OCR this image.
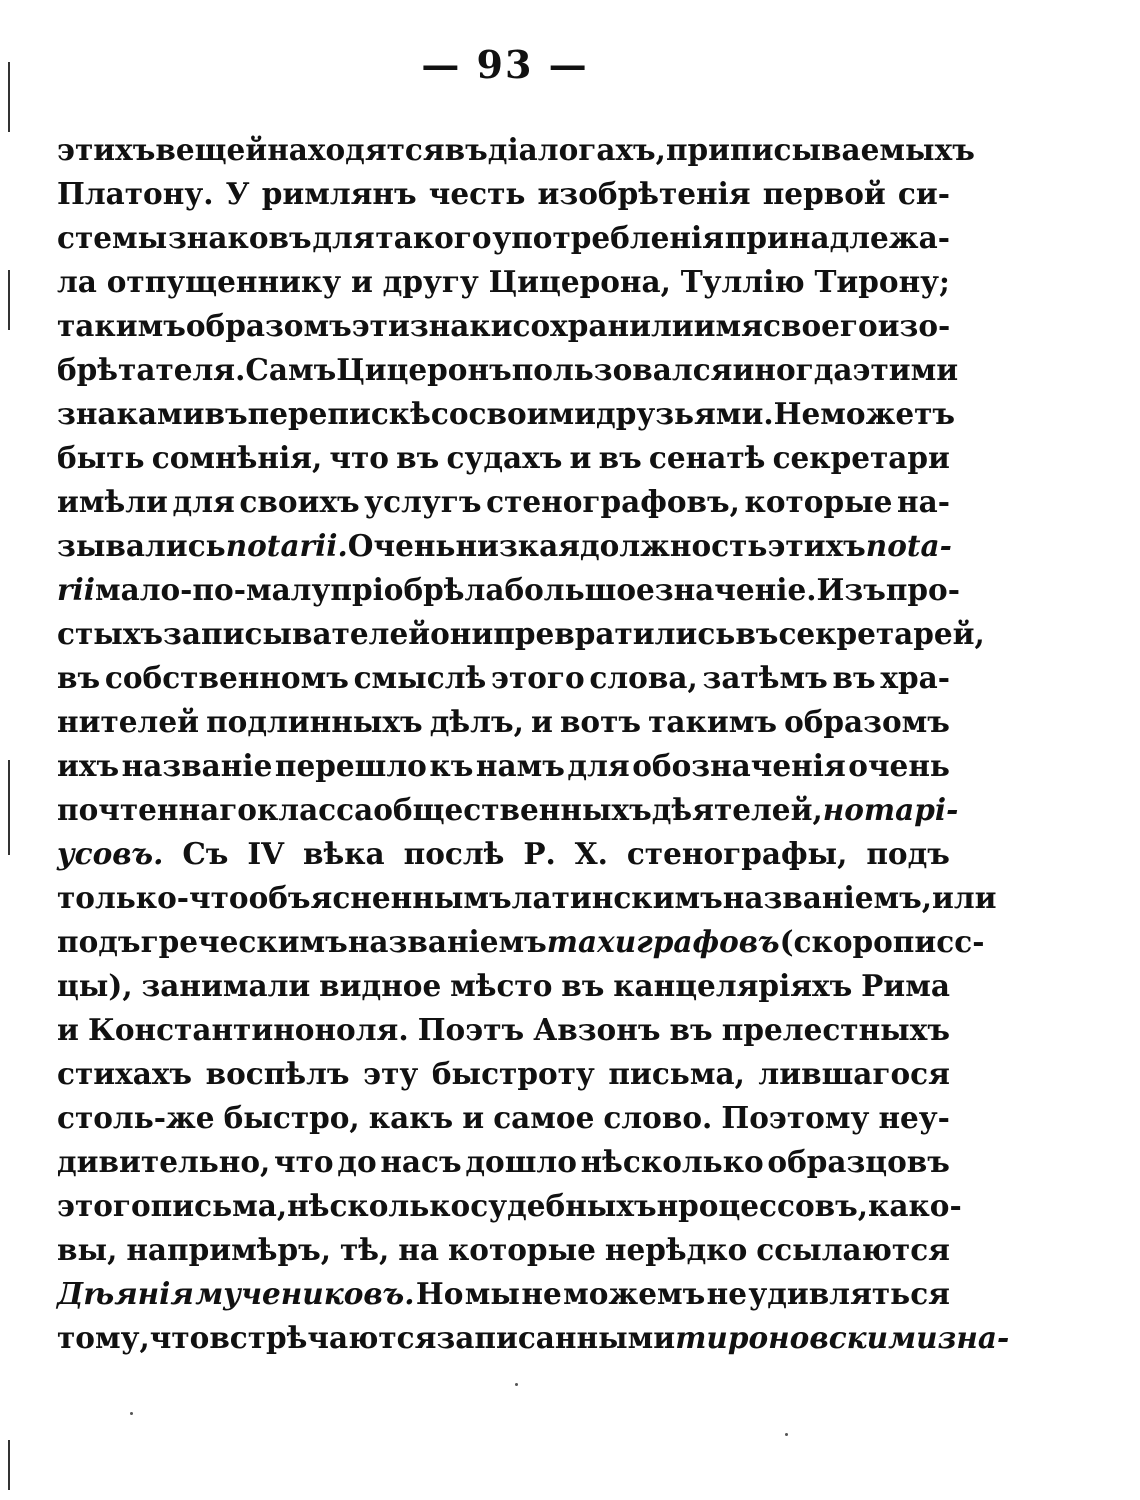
— 93 —
этихъ вещей находятся въ діалогахъ, приписываемыхъ
Платону. У римлянъ честь изобрѣтенія первой си-
стемы знаковъ для такого употребленія принадлежа-
ла отпущеннику и другу Цицерона, Туллію Тирону;
такимъ образомъ эти знаки сохранили имя своего изо-
брѣтателя. Самъ Цицеронъ пользовался иногда этими
знаками въ перепискѣ со своими друзьями. Не можетъ
быть сомнѣнія, что въ судахъ и въ сенатѣ секретари
имѣли для своихъ услугъ стенографовъ, которые на-
зывались notarii. Очень низкая должность этихъ nota-
rii мало-по-малу пріобрѣла большое значеніе. Изъ про-
стыхъ записывателей они превратились въ секретарей,
въ собственномъ смыслѣ этого слова, затѣмъ въ хра-
нителей подлинныхъ дѣлъ, и вотъ такимъ образомъ
ихъ названіе перешло къ намъ для обозначенія очень
почтеннаго класса общественныхъ дѣятелей, нотарі-
усовъ. Съ IV вѣка послѣ Р. Х. стенографы, подъ
только-что объясненнымъ латинскимъ названіемъ, или
подъ греческимъ названіемъ тахиграфовъ (скорописс-
цы), занимали видное мѣсто въ канцеляріяхъ Рима
и Константиноноля. Поэтъ Авзонъ въ прелестныхъ
стихахъ воспѣлъ эту быстроту письма, лившагося
столь-же быстро, какъ и самое слово. Поэтому неу-
дивительно, что до насъ дошло нѣсколько образцовъ
этого письма, нѣсколько судебныхъ нроцессовъ, како-
вы, напримѣръ, тѣ, на которые нерѣдко ссылаются
Дѣянія мучениковъ. Но мы не можемъ не удивляться
тому, что встрѣчаются записанными тироновскими зна-
